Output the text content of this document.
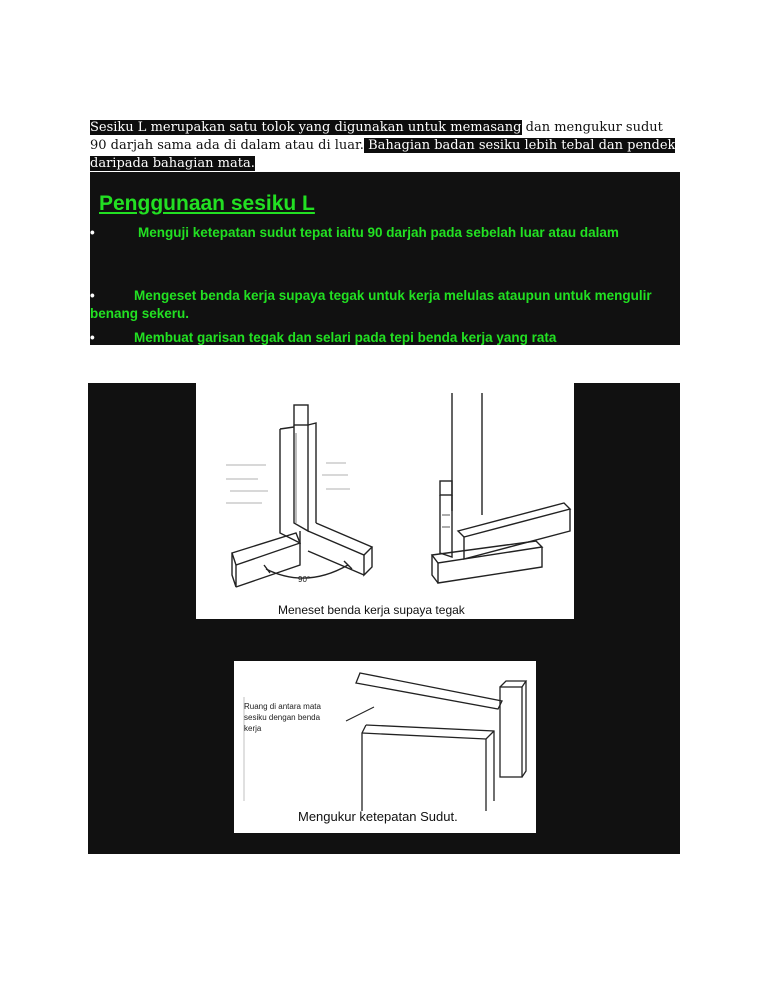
Sesiku L merupakan satu tolok yang digunakan untuk memasang dan mengukur sudut 90 darjah sama ada di dalam atau di luar. Bahagian badan sesiku lebih tebal dan pendek daripada bahagian mata.
Penggunaan sesiku L
•	Menguji ketepatan sudut tepat iaitu 90 darjah pada sebelah luar atau dalam
•	Mengeset benda kerja supaya tegak untuk kerja melulas ataupun untuk mengulir benang sekeru.
•	Membuat garisan tegak dan selari pada tepi benda kerja yang rata
90°
Meneset benda kerja supaya tegak
Ruang di antara mata
sesiku dengan benda
kerja
Mengukur ketepatan Sudut.
